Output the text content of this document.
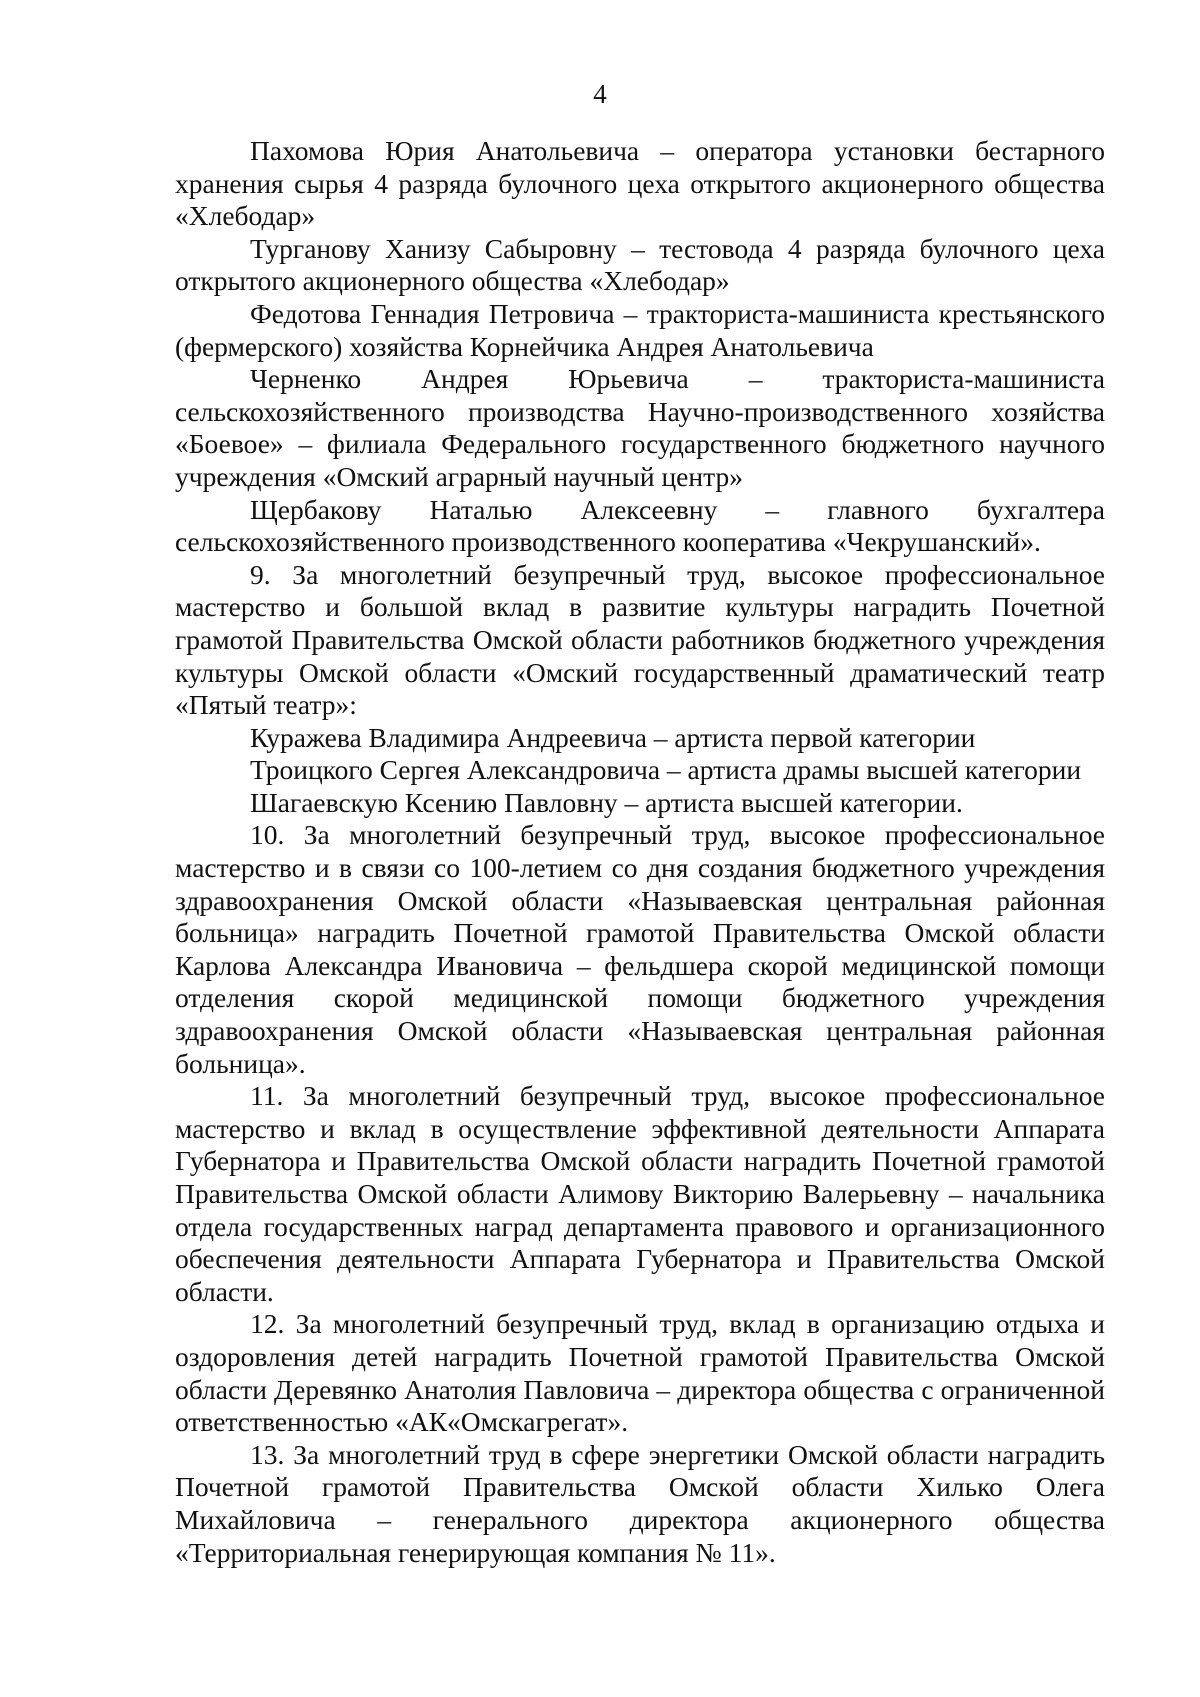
4

Пахомова Юрия Анатольевича – оператора установки бестарного хранения сырья 4 разряда булочного цеха открытого акционерного общества «Хлебодар»

Турганову Ханизу Сабыровну – тестовода 4 разряда булочного цеха открытого акционерного общества «Хлебодар»

Федотова Геннадия Петровича – тракториста-машиниста крестьянского (фермерского) хозяйства Корнейчика Андрея Анатольевича

Черненко Андрея Юрьевича – тракториста-машиниста сельскохозяйственного производства Научно-производственного хозяйства «Боевое» – филиала Федерального государственного бюджетного научного учреждения «Омский аграрный научный центр»

Щербакову Наталью Алексеевну – главного бухгалтера сельскохозяйственного производственного кооператива «Чекрушанский».

9. За многолетний безупречный труд, высокое профессиональное мастерство и большой вклад в развитие культуры наградить Почетной грамотой Правительства Омской области работников бюджетного учреждения культуры Омской области «Омский государственный драматический театр «Пятый театр»:

Куражева Владимира Андреевича – артиста первой категории

Троицкого Сергея Александровича – артиста драмы высшей категории

Шагаевскую Ксению Павловну – артиста высшей категории.

10. За многолетний безупречный труд, высокое профессиональное мастерство и в связи со 100-летием со дня создания бюджетного учреждения здравоохранения Омской области «Называевская центральная районная больница» наградить Почетной грамотой Правительства Омской области Карлова Александра Ивановича – фельдшера скорой медицинской помощи отделения скорой медицинской помощи бюджетного учреждения здравоохранения Омской области «Называевская центральная районная больница».

11. За многолетний безупречный труд, высокое профессиональное мастерство и вклад в осуществление эффективной деятельности Аппарата Губернатора и Правительства Омской области наградить Почетной грамотой Правительства Омской области Алимову Викторию Валерьевну – начальника отдела государственных наград департамента правового и организационного обеспечения деятельности Аппарата Губернатора и Правительства Омской области.

12. За многолетний безупречный труд, вклад в организацию отдыха и оздоровления детей наградить Почетной грамотой Правительства Омской области Деревянко Анатолия Павловича – директора общества с ограниченной ответственностью «АК«Омскагрегат».

13. За многолетний труд в сфере энергетики Омской области наградить Почетной грамотой Правительства Омской области Хилько Олега Михайловича – генерального директора акционерного общества «Территориальная генерирующая компания № 11».
